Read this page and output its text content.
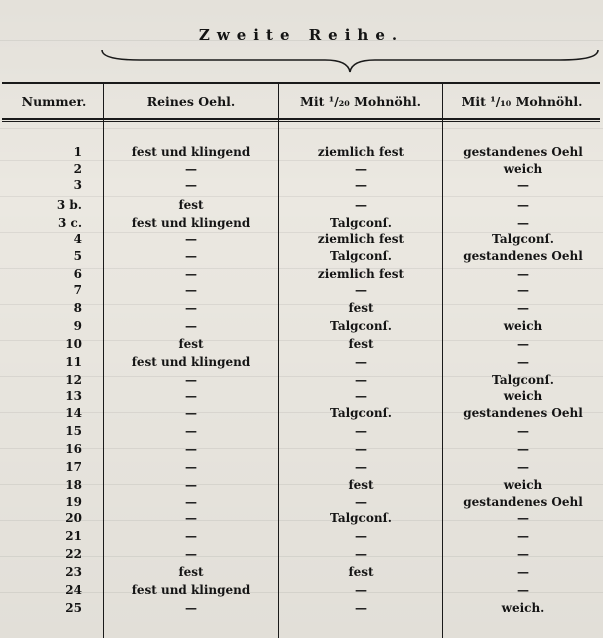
Zweite Reihe.
Nummer.	Reines Oehl.	Mit ¹/₂₀ Mohnöhl.	Mit ¹/₁₀ Mohnöhl.
1	fest und klingend	ziemlich fest	gestandenes Oehl
2	—	—	weich
3	—	—	—
3 b.	fest	—	—
3 c.	fest und klingend	Talgconſ.	—
4	—	ziemlich fest	Talgconſ.
5	—	Talgconſ.	gestandenes Oehl
6	—	ziemlich fest	—
7	—	—	—
8	—	fest	—
9	—	Talgconſ.	weich
10	fest	fest	—
11	fest und klingend	—	—
12	—	—	Talgconſ.
13	—	—	weich
14	—	Talgconſ.	gestandenes Oehl
15	—	—	—
16	—	—	—
17	—	—	—
18	—	fest	weich
19	—	—	gestandenes Oehl
20	—	Talgconſ.	—
21	—	—	—
22	—	—	—
23	fest	fest	—
24	fest und klingend	—	—
25	—	—	weich.
